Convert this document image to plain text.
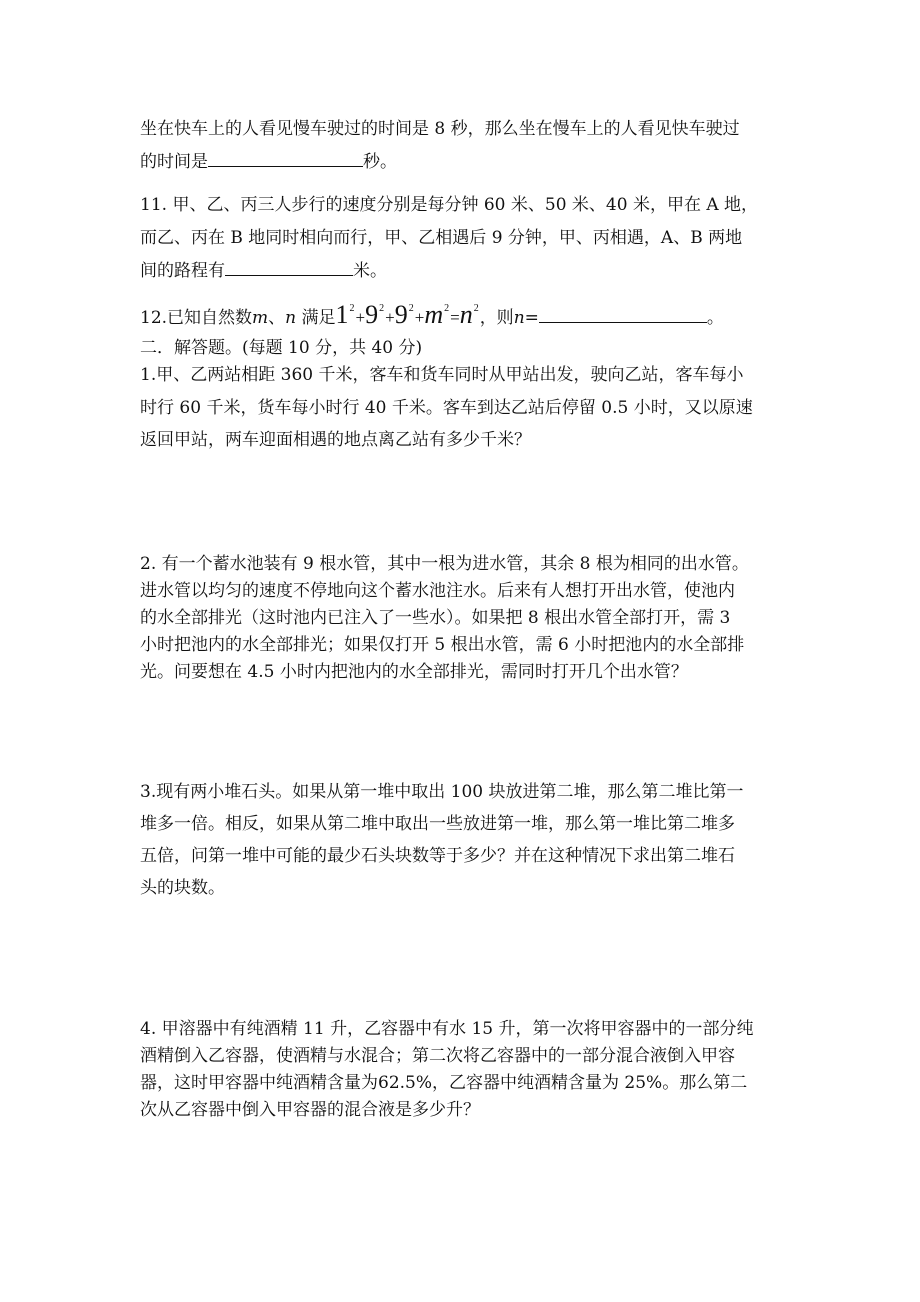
坐在快车上的人看见慢车驶过的时间是 8 秒，那么坐在慢车上的人看见快车驶过
的时间是	秒。
11. 甲、乙、丙三人步行的速度分别是每分钟 60 米、50 米、40 米，甲在 A 地，
而乙、丙在 B 地同时相向而行，甲、乙相遇后 9 分钟，甲、丙相遇，A、B 两地
间的路程有	米。
12.已知自然数m、n 满足$1^2+9^2+9^2+m^2=n^2$，则n=	。
二．解答题。(每题 10 分，共 40 分)
1.甲、乙两站相距 360 千米，客车和货车同时从甲站出发，驶向乙站，客车每小
时行 60 千米，货车每小时行 40 千米。客车到达乙站后停留 0.5 小时，又以原速
返回甲站，两车迎面相遇的地点离乙站有多少千米？
2. 有一个蓄水池装有 9 根水管，其中一根为进水管，其余 8 根为相同的出水管。
进水管以均匀的速度不停地向这个蓄水池注水。后来有人想打开出水管，使池内
的水全部排光（这时池内已注入了一些水）。如果把 8 根出水管全部打开，需 3
小时把池内的水全部排光；如果仅打开 5 根出水管，需 6 小时把池内的水全部排
光。问要想在 4.5 小时内把池内的水全部排光，需同时打开几个出水管？
3.现有两小堆石头。如果从第一堆中取出 100 块放进第二堆，那么第二堆比第一
堆多一倍。相反，如果从第二堆中取出一些放进第一堆，那么第一堆比第二堆多
五倍，问第一堆中可能的最少石头块数等于多少？并在这种情况下求出第二堆石
头的块数。
4. 甲溶器中有纯酒精 11 升，乙容器中有水 15 升，第一次将甲容器中的一部分纯
酒精倒入乙容器，使酒精与水混合；第二次将乙容器中的一部分混合液倒入甲容
器，这时甲容器中纯酒精含量为62.5%，乙容器中纯酒精含量为 25%。那么第二
次从乙容器中倒入甲容器的混合液是多少升？
